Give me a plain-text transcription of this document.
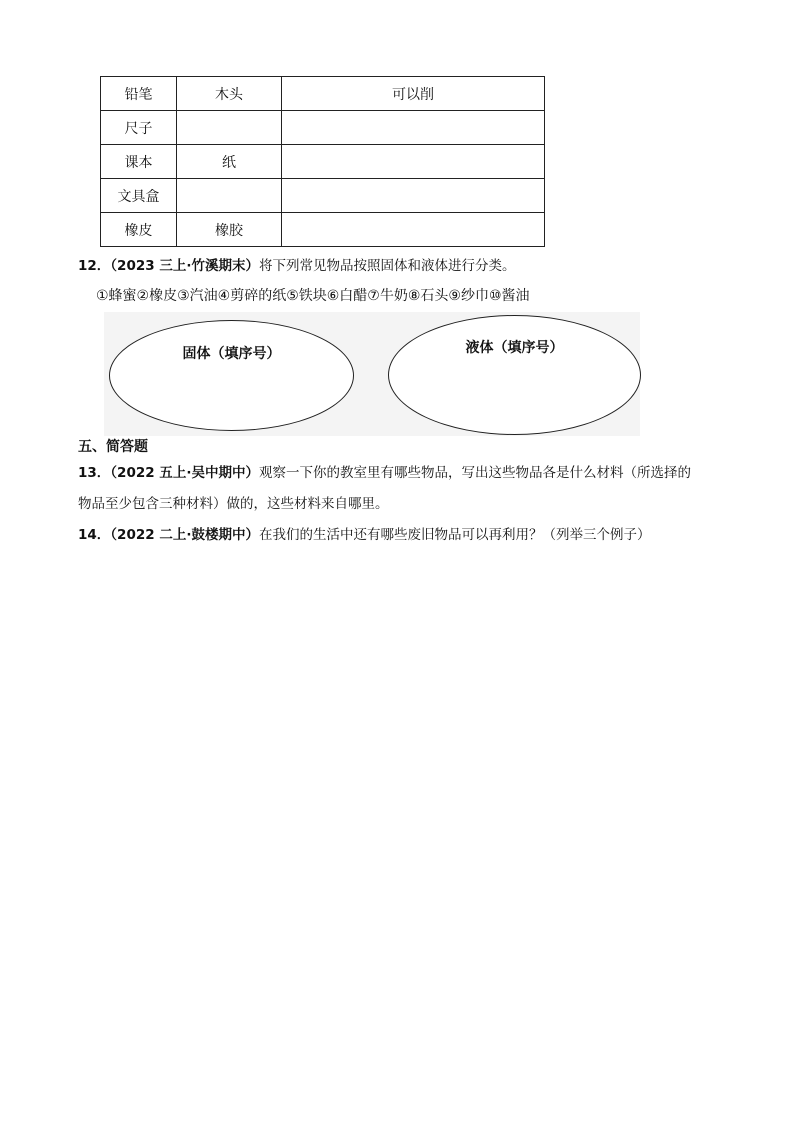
铅笔	木头	可以削
尺子		
课本	纸	
文具盒		
橡皮	橡胶	
12．（2023 三上·竹溪期末）将下列常见物品按照固体和液体进行分类。
①蜂蜜②橡皮③汽油④剪碎的纸⑤铁块⑥白醋⑦牛奶⑧石头⑨纱巾⑩酱油
固体（填序号）	液体（填序号）
五、简答题
13．（2022 五上·吴中期中）观察一下你的教室里有哪些物品，写出这些物品各是什么材料（所选择的
物品至少包含三种材料）做的，这些材料来自哪里。
14．（2022 二上·鼓楼期中）在我们的生活中还有哪些废旧物品可以再利用？（列举三个例子）
